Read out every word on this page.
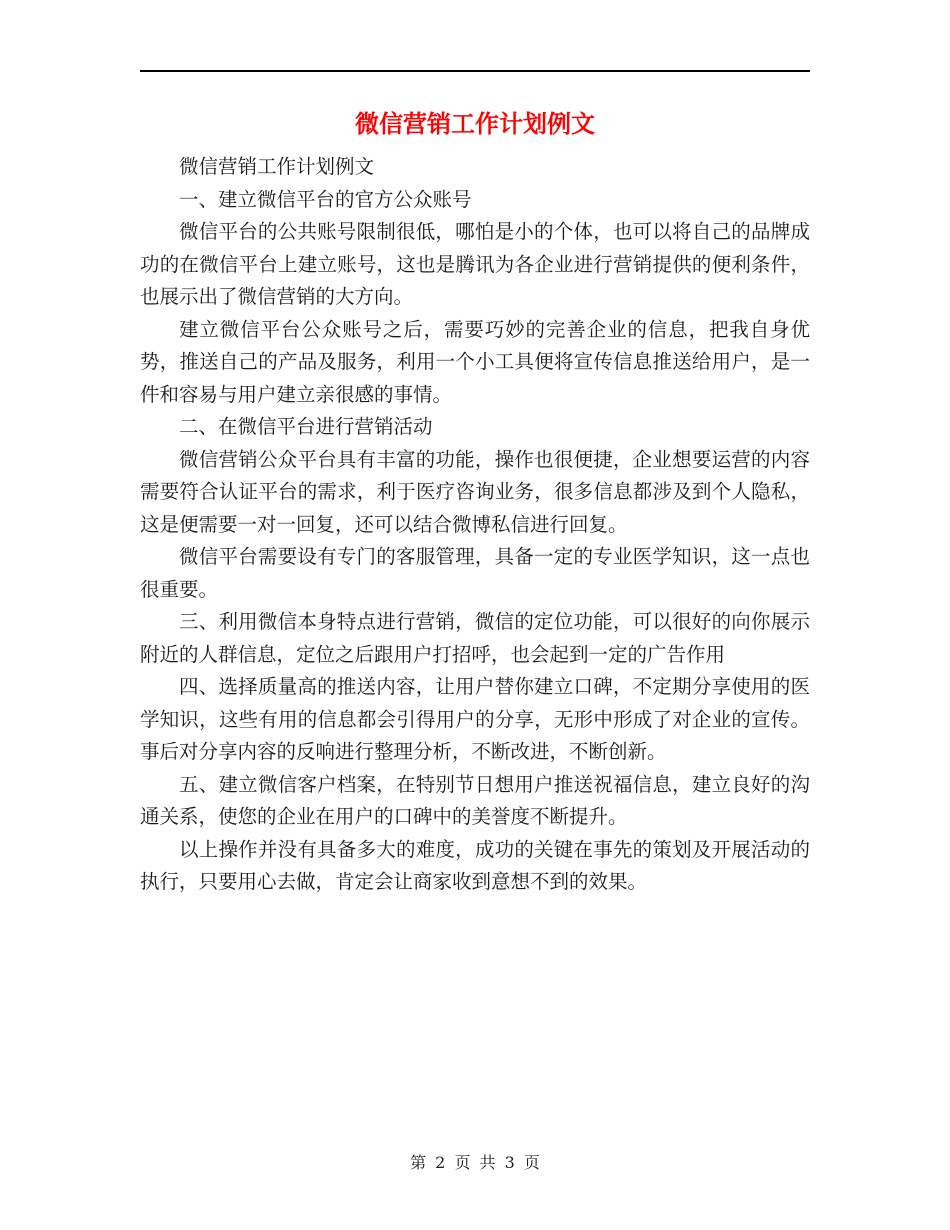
微信营销工作计划例文

微信营销工作计划例文

一、建立微信平台的官方公众账号

微信平台的公共账号限制很低，哪怕是小的个体，也可以将自己的品牌成功的在微信平台上建立账号，这也是腾讯为各企业进行营销提供的便利条件，也展示出了微信营销的大方向。

建立微信平台公众账号之后，需要巧妙的完善企业的信息，把我自身优势，推送自己的产品及服务，利用一个小工具便将宣传信息推送给用户，是一件和容易与用户建立亲很感的事情。

二、在微信平台进行营销活动

微信营销公众平台具有丰富的功能，操作也很便捷，企业想要运营的内容需要符合认证平台的需求，利于医疗咨询业务，很多信息都涉及到个人隐私，这是便需要一对一回复，还可以结合微博私信进行回复。

微信平台需要设有专门的客服管理，具备一定的专业医学知识，这一点也很重要。

三、利用微信本身特点进行营销，微信的定位功能，可以很好的向你展示附近的人群信息，定位之后跟用户打招呼，也会起到一定的广告作用

四、选择质量高的推送内容，让用户替你建立口碑，不定期分享使用的医学知识，这些有用的信息都会引得用户的分享，无形中形成了对企业的宣传。事后对分享内容的反响进行整理分析，不断改进，不断创新。

五、建立微信客户档案，在特别节日想用户推送祝福信息，建立良好的沟通关系，使您的企业在用户的口碑中的美誉度不断提升。

以上操作并没有具备多大的难度，成功的关键在事先的策划及开展活动的执行，只要用心去做，肯定会让商家收到意想不到的效果。

第 2 页 共 3 页
